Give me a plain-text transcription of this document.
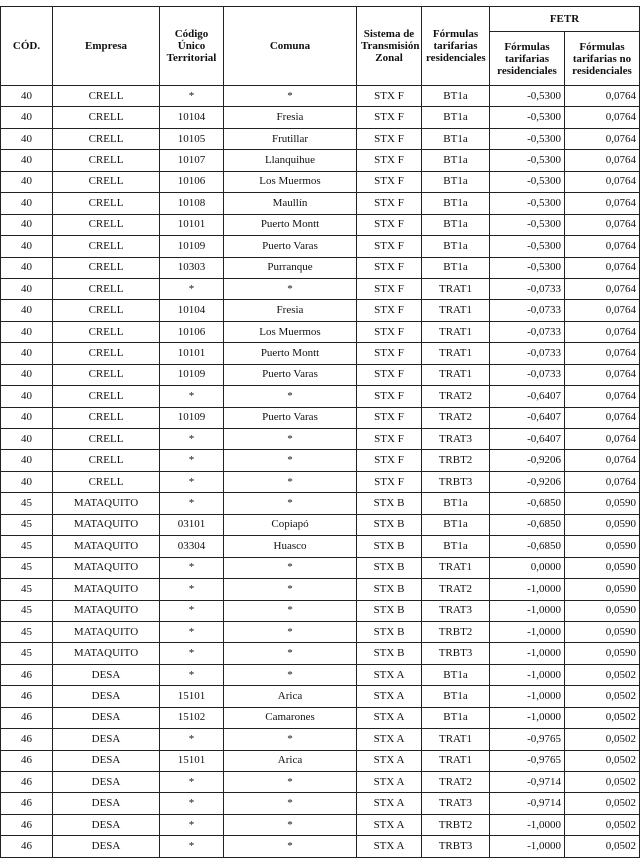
CÓD.	Empresa	Código Único Territorial	Comuna	Sistema de Transmisión Zonal	Fórmulas tarifarias residenciales	FETR	
						Fórmulas tarifarias residenciales	Fórmulas tarifarias no residenciales
40	CRELL	*	*	STX F	BT1a	-0,5300	0,0764
40	CRELL	10104	Fresia	STX F	BT1a	-0,5300	0,0764
40	CRELL	10105	Frutillar	STX F	BT1a	-0,5300	0,0764
40	CRELL	10107	Llanquihue	STX F	BT1a	-0,5300	0,0764
40	CRELL	10106	Los Muermos	STX F	BT1a	-0,5300	0,0764
40	CRELL	10108	Maullín	STX F	BT1a	-0,5300	0,0764
40	CRELL	10101	Puerto Montt	STX F	BT1a	-0,5300	0,0764
40	CRELL	10109	Puerto Varas	STX F	BT1a	-0,5300	0,0764
40	CRELL	10303	Purranque	STX F	BT1a	-0,5300	0,0764
40	CRELL	*	*	STX F	TRAT1	-0,0733	0,0764
40	CRELL	10104	Fresia	STX F	TRAT1	-0,0733	0,0764
40	CRELL	10106	Los Muermos	STX F	TRAT1	-0,0733	0,0764
40	CRELL	10101	Puerto Montt	STX F	TRAT1	-0,0733	0,0764
40	CRELL	10109	Puerto Varas	STX F	TRAT1	-0,0733	0,0764
40	CRELL	*	*	STX F	TRAT2	-0,6407	0,0764
40	CRELL	10109	Puerto Varas	STX F	TRAT2	-0,6407	0,0764
40	CRELL	*	*	STX F	TRAT3	-0,6407	0,0764
40	CRELL	*	*	STX F	TRBT2	-0,9206	0,0764
40	CRELL	*	*	STX F	TRBT3	-0,9206	0,0764
45	MATAQUITO	*	*	STX B	BT1a	-0,6850	0,0590
45	MATAQUITO	03101	Copiapó	STX B	BT1a	-0,6850	0,0590
45	MATAQUITO	03304	Huasco	STX B	BT1a	-0,6850	0,0590
45	MATAQUITO	*	*	STX B	TRAT1	0,0000	0,0590
45	MATAQUITO	*	*	STX B	TRAT2	-1,0000	0,0590
45	MATAQUITO	*	*	STX B	TRAT3	-1,0000	0,0590
45	MATAQUITO	*	*	STX B	TRBT2	-1,0000	0,0590
45	MATAQUITO	*	*	STX B	TRBT3	-1,0000	0,0590
46	DESA	*	*	STX A	BT1a	-1,0000	0,0502
46	DESA	15101	Arica	STX A	BT1a	-1,0000	0,0502
46	DESA	15102	Camarones	STX A	BT1a	-1,0000	0,0502
46	DESA	*	*	STX A	TRAT1	-0,9765	0,0502
46	DESA	15101	Arica	STX A	TRAT1	-0,9765	0,0502
46	DESA	*	*	STX A	TRAT2	-0,9714	0,0502
46	DESA	*	*	STX A	TRAT3	-0,9714	0,0502
46	DESA	*	*	STX A	TRBT2	-1,0000	0,0502
46	DESA	*	*	STX A	TRBT3	-1,0000	0,0502
